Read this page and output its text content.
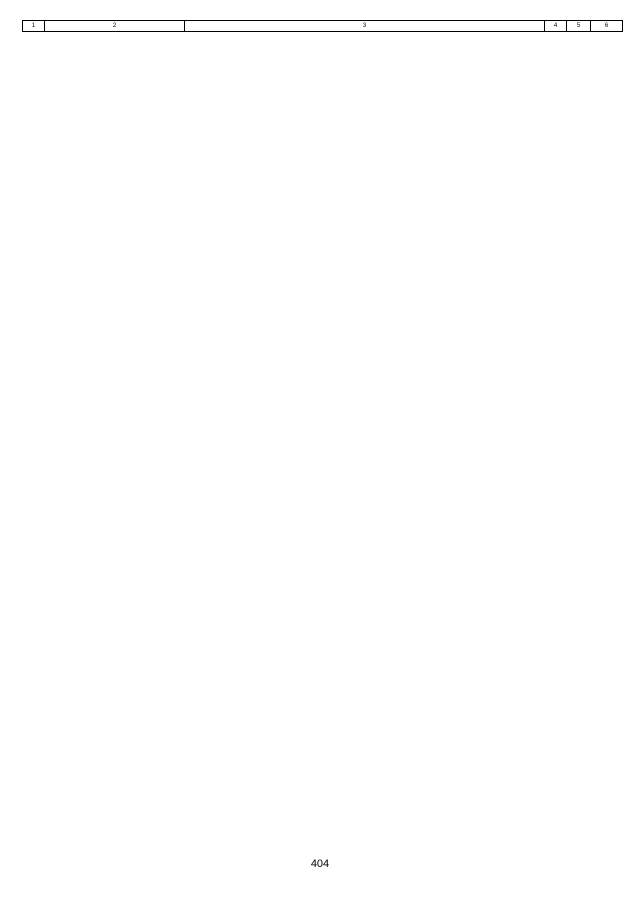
1	2	3	4	5	6
404
